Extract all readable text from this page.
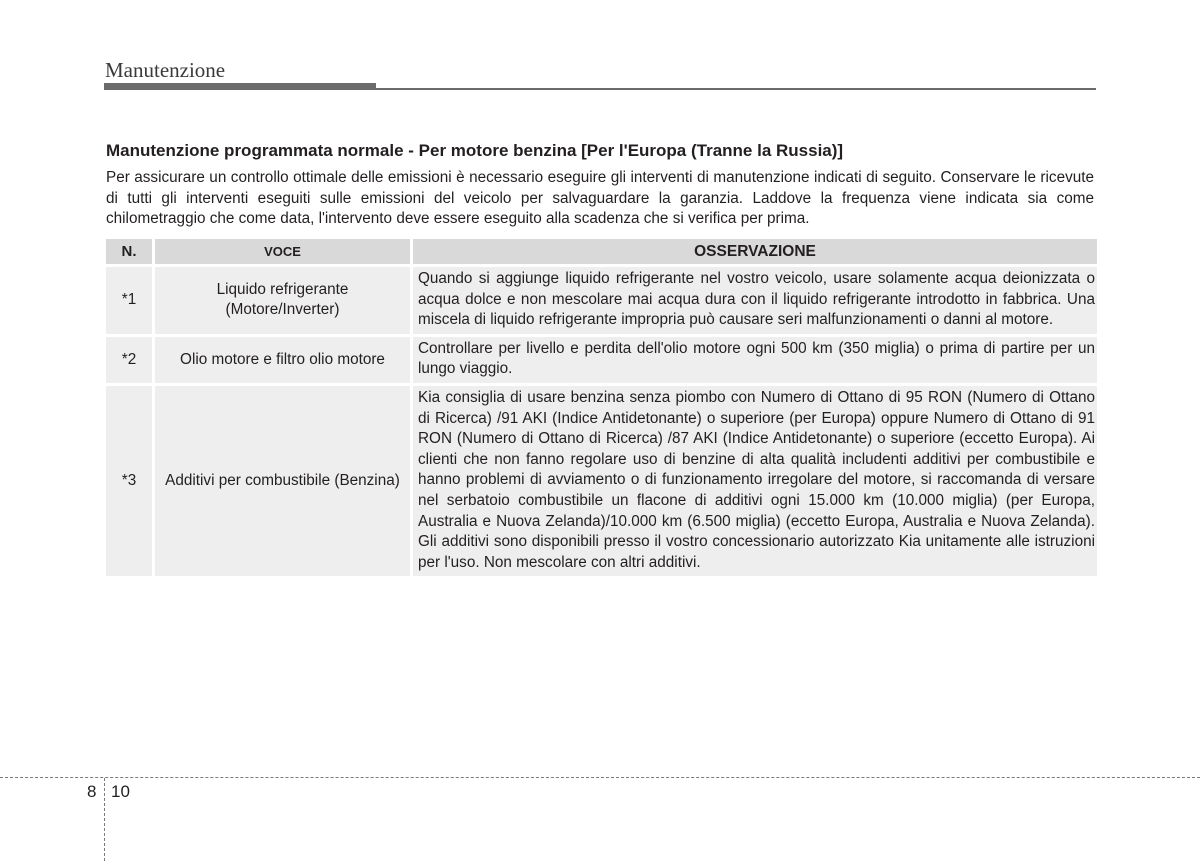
Manutenzione
Manutenzione programmata normale - Per motore benzina [Per l'Europa (Tranne la Russia)]

Per assicurare un controllo ottimale delle emissioni è necessario eseguire gli interventi di manutenzione indicati di seguito. Conservare le ricevute di tutti gli interventi eseguiti sulle emissioni del veicolo per salvaguardare la garanzia. Laddove la frequenza viene indicata sia come chilometraggio che come data, l'intervento deve essere eseguito alla scadenza che si verifica per prima.

N.	VOCE	OSSERVAZIONE
*1	Liquido refrigerante (Motore/Inverter)	Quando si aggiunge liquido refrigerante nel vostro veicolo, usare solamente acqua deionizzata o acqua dolce e non mescolare mai acqua dura con il liquido refrigerante introdotto in fabbrica. Una miscela di liquido refrigerante impropria può causare seri malfunzionamenti o danni al motore.
*2	Olio motore e filtro olio motore	Controllare per livello e perdita dell'olio motore ogni 500 km (350 miglia) o prima di partire per un lungo viaggio.
*3	Additivi per combustibile (Benzina)	Kia consiglia di usare benzina senza piombo con Numero di Ottano di 95 RON (Numero di Ottano di Ricerca) /91 AKI (Indice Antidetonante) o superiore (per Europa) oppure Numero di Ottano di 91 RON (Numero di Ottano di Ricerca) /87 AKI (Indice Antidetonante) o superiore (eccetto Europa). Ai clienti che non fanno regolare uso di benzine di alta qualità includenti additivi per combustibile e hanno problemi di avviamento o di funzionamento irregolare del motore, si raccomanda di versare nel serbatoio combustibile un flacone di additivi ogni 15.000 km (10.000 miglia) (per Europa, Australia e Nuova Zelanda)/10.000 km (6.500 miglia) (eccetto Europa, Australia e Nuova Zelanda). Gli additivi sono disponibili presso il vostro concessionario autorizzato Kia unitamente alle istruzioni per l'uso. Non mescolare con altri additivi.
8 10
